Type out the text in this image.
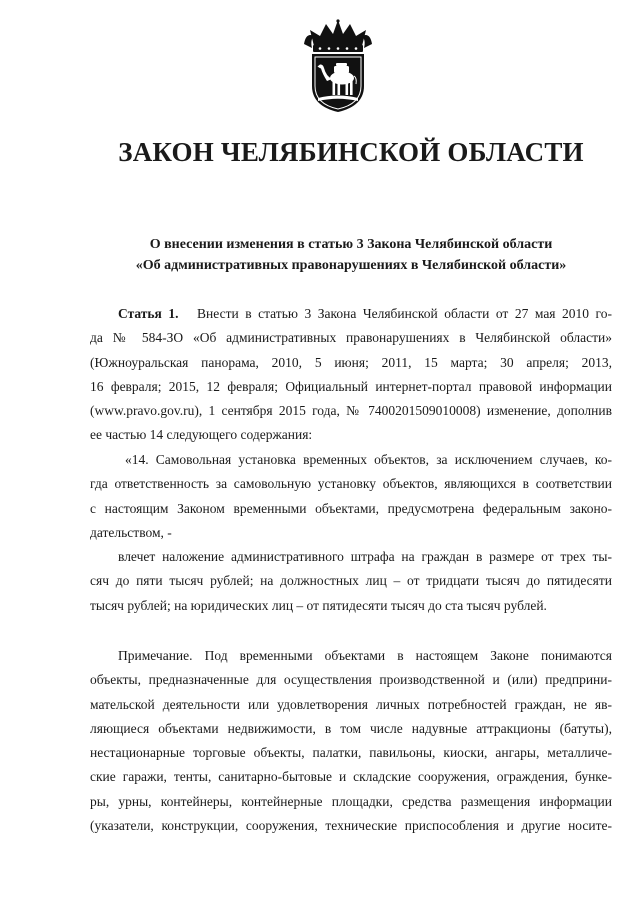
ЗАКОН ЧЕЛЯБИНСКОЙ ОБЛАСТИ
О внесении изменения в статью 3 Закона Челябинской области
«Об административных правонарушениях в Челябинской области»
Статья 1. Внести в статью 3 Закона Челябинской области от 27 мая 2010 го-
да № 584-ЗО «Об административных правонарушениях в Челябинской области»
(Южноуральская панорама, 2010, 5 июня; 2011, 15 марта; 30 апреля; 2013,
16 февраля; 2015, 12 февраля; Официальный интернет-портал правовой информации
(www.pravo.gov.ru), 1 сентября 2015 года, № 7400201509010008) изменение, дополнив
ее частью 14 следующего содержания:
«14. Самовольная установка временных объектов, за исключением случаев, ко-
гда ответственность за самовольную установку объектов, являющихся в соответствии
с настоящим Законом временными объектами, предусмотрена федеральным законо-
дательством, -
влечет наложение административного штрафа на граждан в размере от трех ты-
сяч до пяти тысяч рублей; на должностных лиц – от тридцати тысяч до пятидесяти
тысяч рублей; на юридических лиц – от пятидесяти тысяч до ста тысяч рублей.
Примечание. Под временными объектами в настоящем Законе понимаются
объекты, предназначенные для осуществления производственной и (или) предприни-
мательской деятельности или удовлетворения личных потребностей граждан, не яв-
ляющиеся объектами недвижимости, в том числе надувные аттракционы (батуты),
нестационарные торговые объекты, палатки, павильоны, киоски, ангары, металличе-
ские гаражи, тенты, санитарно-бытовые и складские сооружения, ограждения, бунке-
ры, урны, контейнеры, контейнерные площадки, средства размещения информации
(указатели, конструкции, сооружения, технические приспособления и другие носите-
